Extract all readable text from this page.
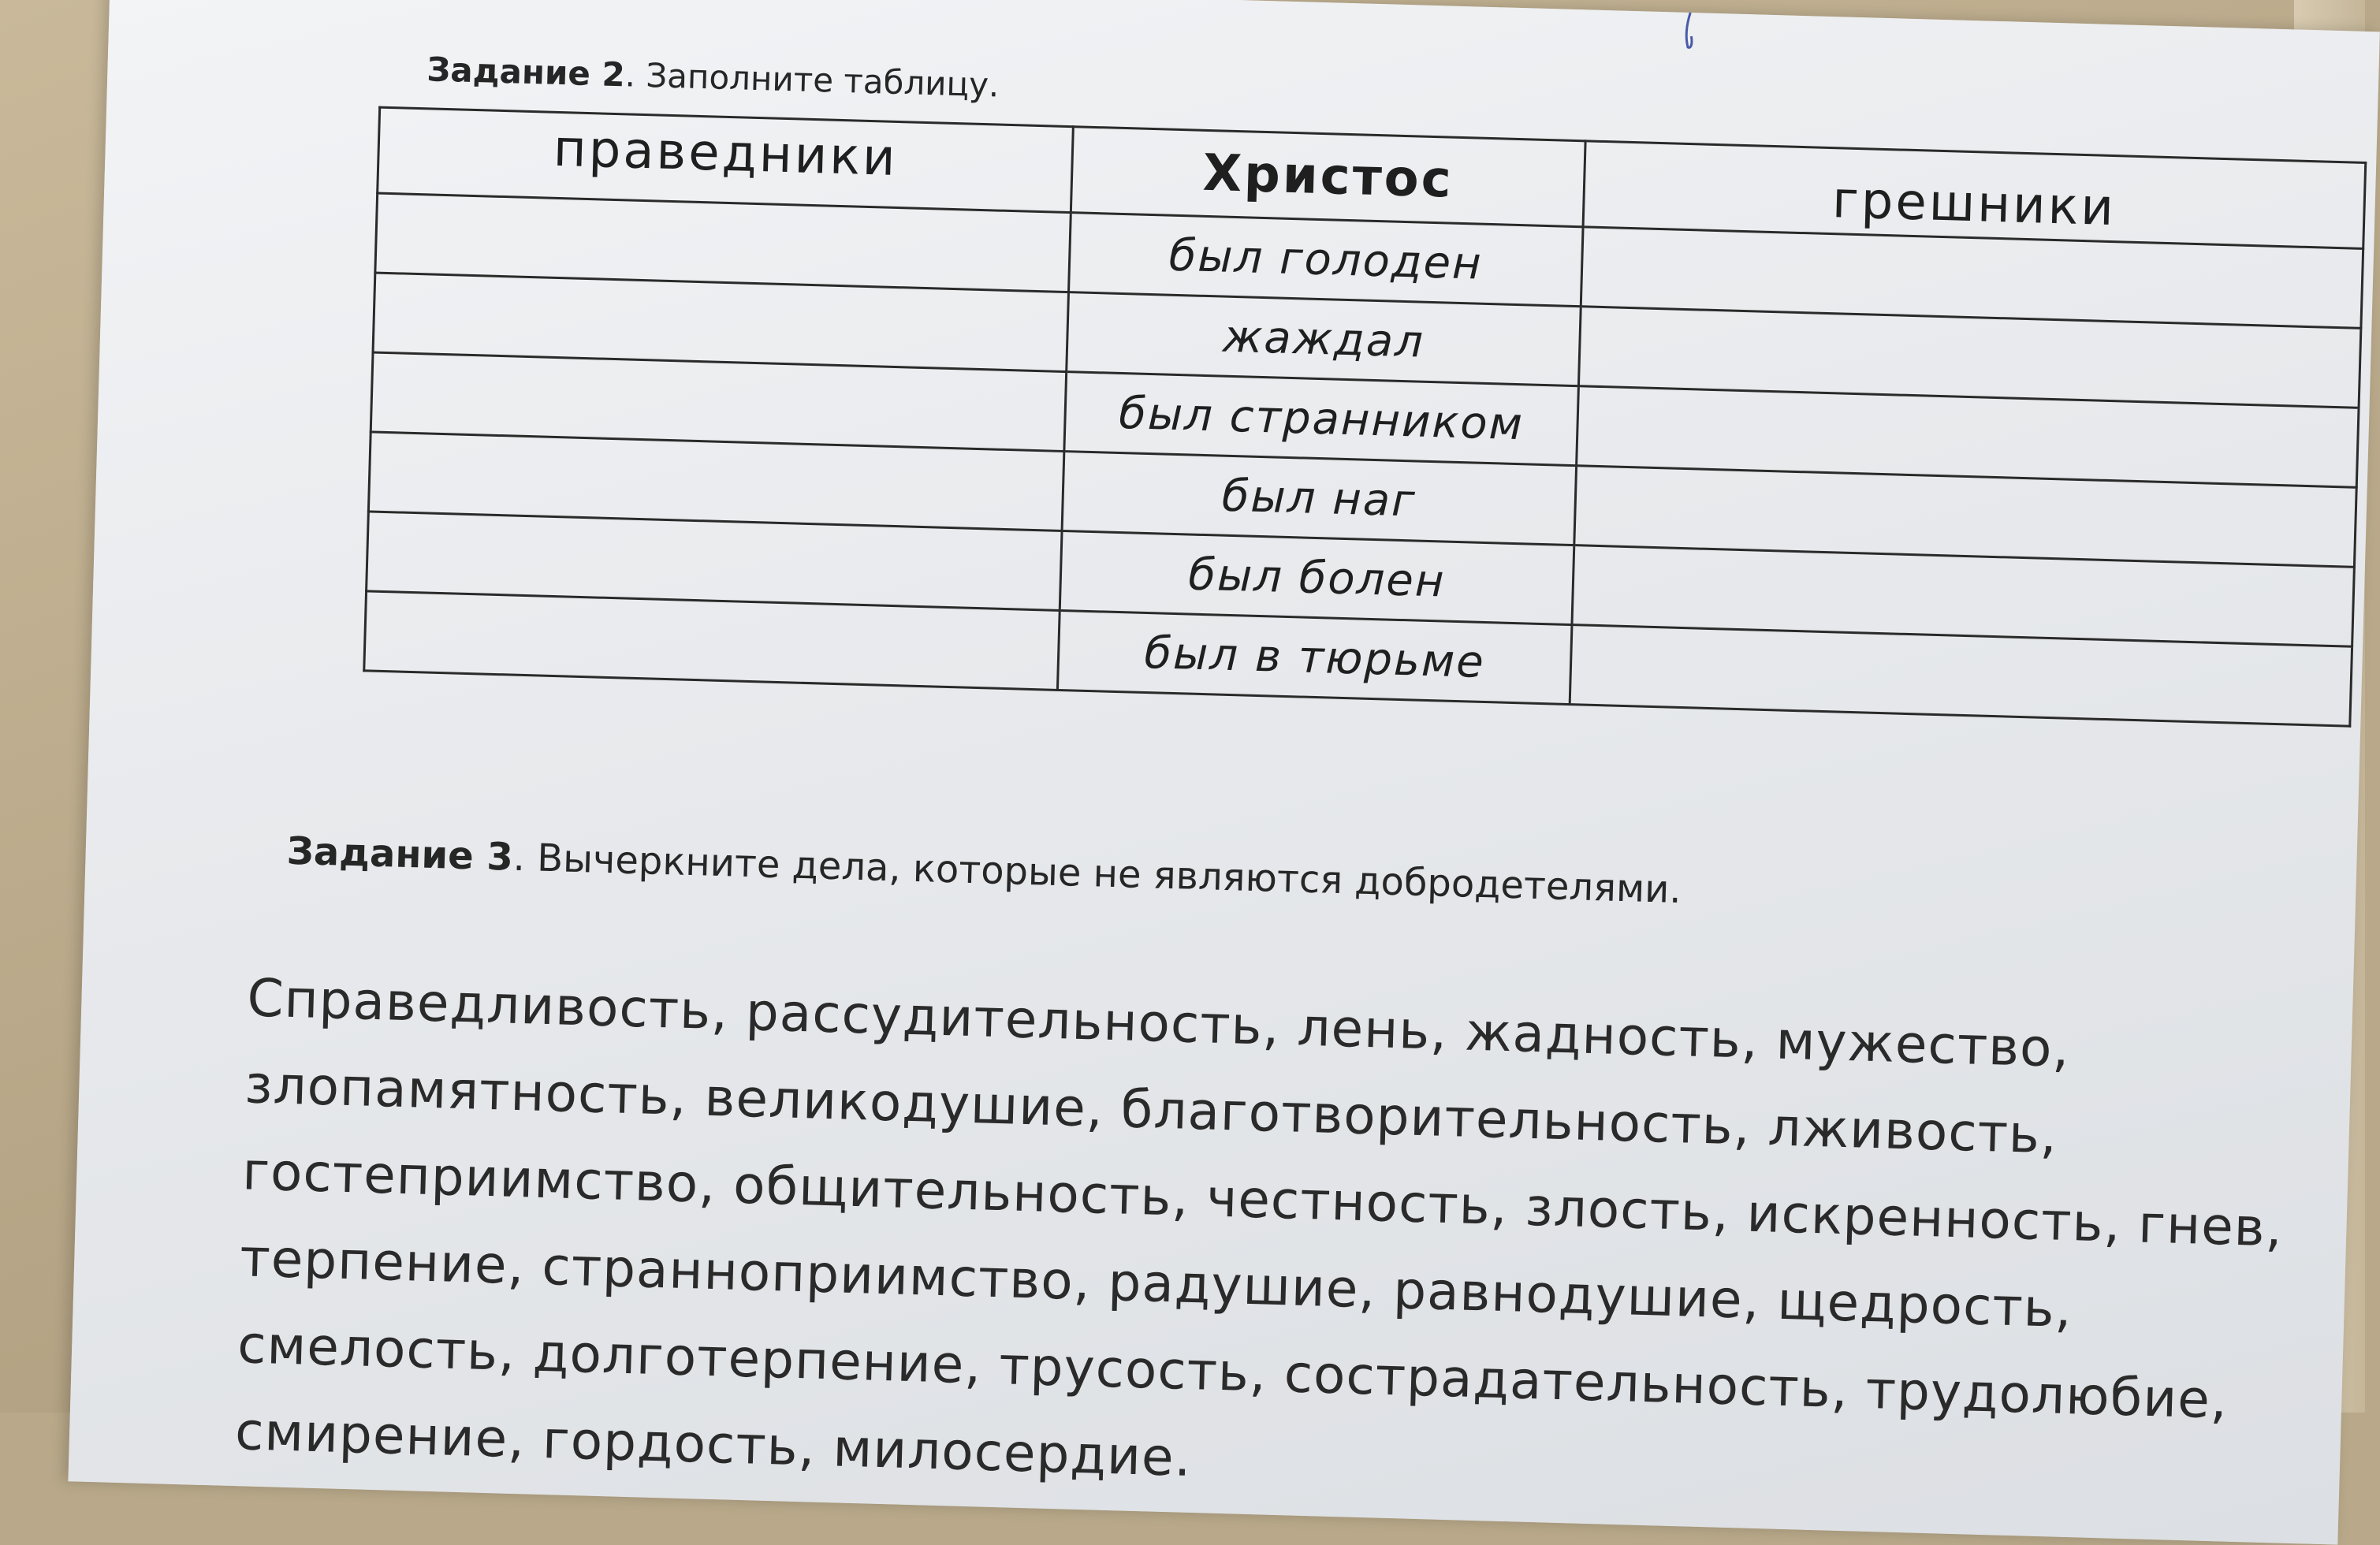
Задание 2. Заполните таблицу.
праведники	Христос	грешники
	был голоден	
	жаждал	
	был странником	
	был наг	
	был болен	
	был в тюрьме	
Задание 3. Вычеркните дела, которые не являются добродетелями.

Справедливость, рассудительность, лень, жадность, мужество, злопамятность, великодушие, благотворительность, лживость, гостеприимство, общительность, честность, злость, искренность, гнев, терпение, страннοприимство, радушие, равнодушие, щедрость, смелость, долготерпение, трусость, сострадательность, трудолюбие, смирение, гордость, милосердие.
